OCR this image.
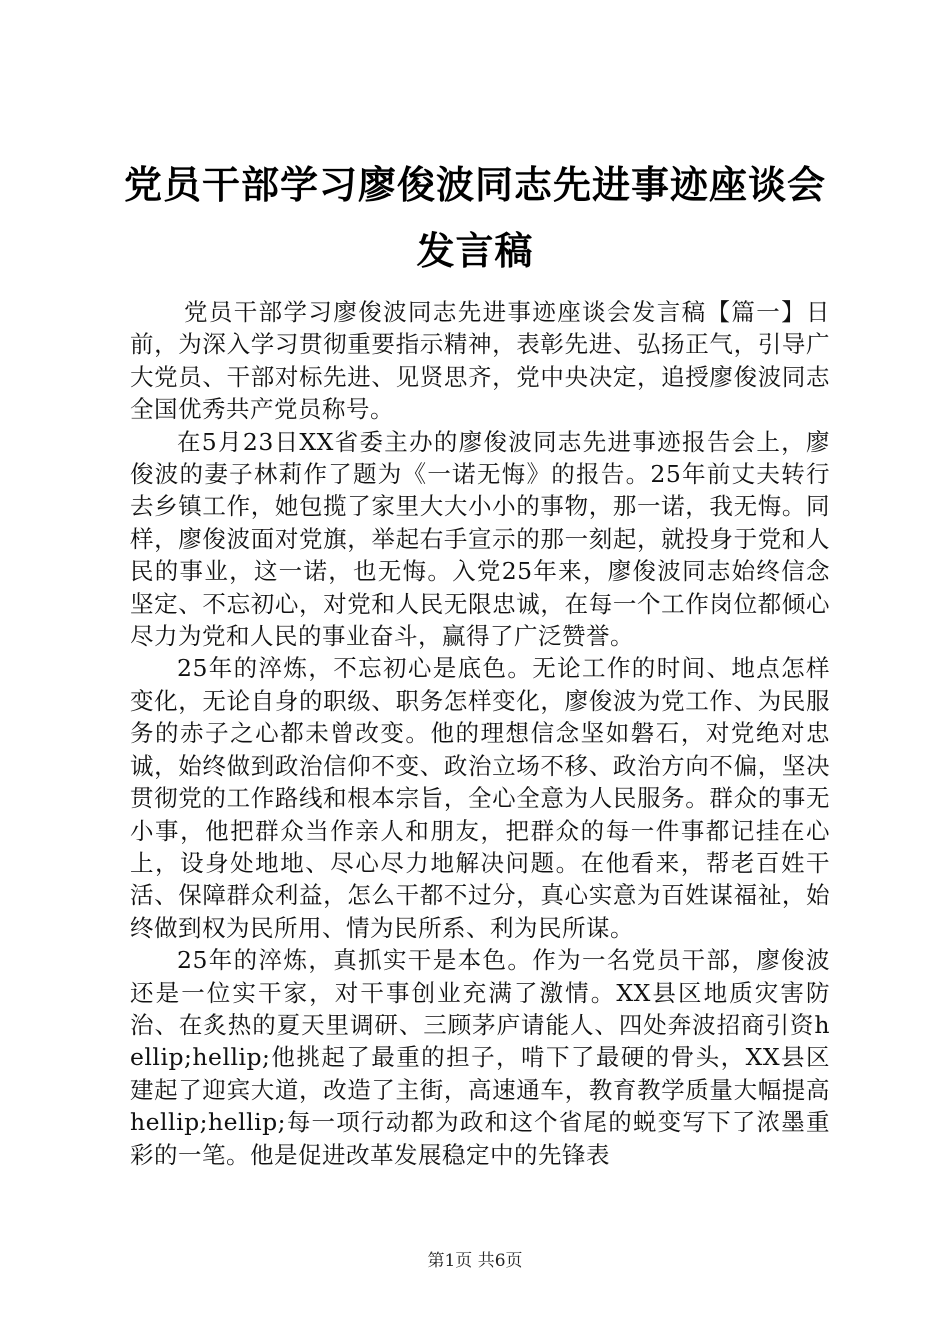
党员干部学习廖俊波同志先进事迹座谈会发言稿

党员干部学习廖俊波同志先进事迹座谈会发言稿【篇一】日前，为深入学习贯彻重要指示精神，表彰先进、弘扬正气，引导广大党员、干部对标先进、见贤思齐，党中央决定，追授廖俊波同志全国优秀共产党员称号。

在5月23日XX省委主办的廖俊波同志先进事迹报告会上，廖俊波的妻子林莉作了题为《一诺无悔》的报告。25年前丈夫转行去乡镇工作，她包揽了家里大大小小的事物，那一诺，我无悔。同样，廖俊波面对党旗，举起右手宣示的那一刻起，就投身于党和人民的事业，这一诺，也无悔。入党25年来，廖俊波同志始终信念坚定、不忘初心，对党和人民无限忠诚，在每一个工作岗位都倾心尽力为党和人民的事业奋斗，赢得了广泛赞誉。

25年的淬炼，不忘初心是底色。无论工作的时间、地点怎样变化，无论自身的职级、职务怎样变化，廖俊波为党工作、为民服务的赤子之心都未曾改变。他的理想信念坚如磐石，对党绝对忠诚，始终做到政治信仰不变、政治立场不移、政治方向不偏，坚决贯彻党的工作路线和根本宗旨，全心全意为人民服务。群众的事无小事，他把群众当作亲人和朋友，把群众的每一件事都记挂在心上，设身处地地、尽心尽力地解决问题。在他看来，帮老百姓干活、保障群众利益，怎么干都不过分，真心实意为百姓谋福祉，始终做到权为民所用、情为民所系、利为民所谋。

25年的淬炼，真抓实干是本色。作为一名党员干部，廖俊波还是一位实干家，对干事创业充满了激情。XX县区地质灾害防治、在炙热的夏天里调研、三顾茅庐请能人、四处奔波招商引资hellip;hellip;他挑起了最重的担子，啃下了最硬的骨头，XX县区建起了迎宾大道，改造了主街，高速通车，教育教学质量大幅提高hellip;hellip;每一项行动都为政和这个省尾的蜕变写下了浓墨重彩的一笔。他是促进改革发展稳定中的先锋表

第1页 共6页
